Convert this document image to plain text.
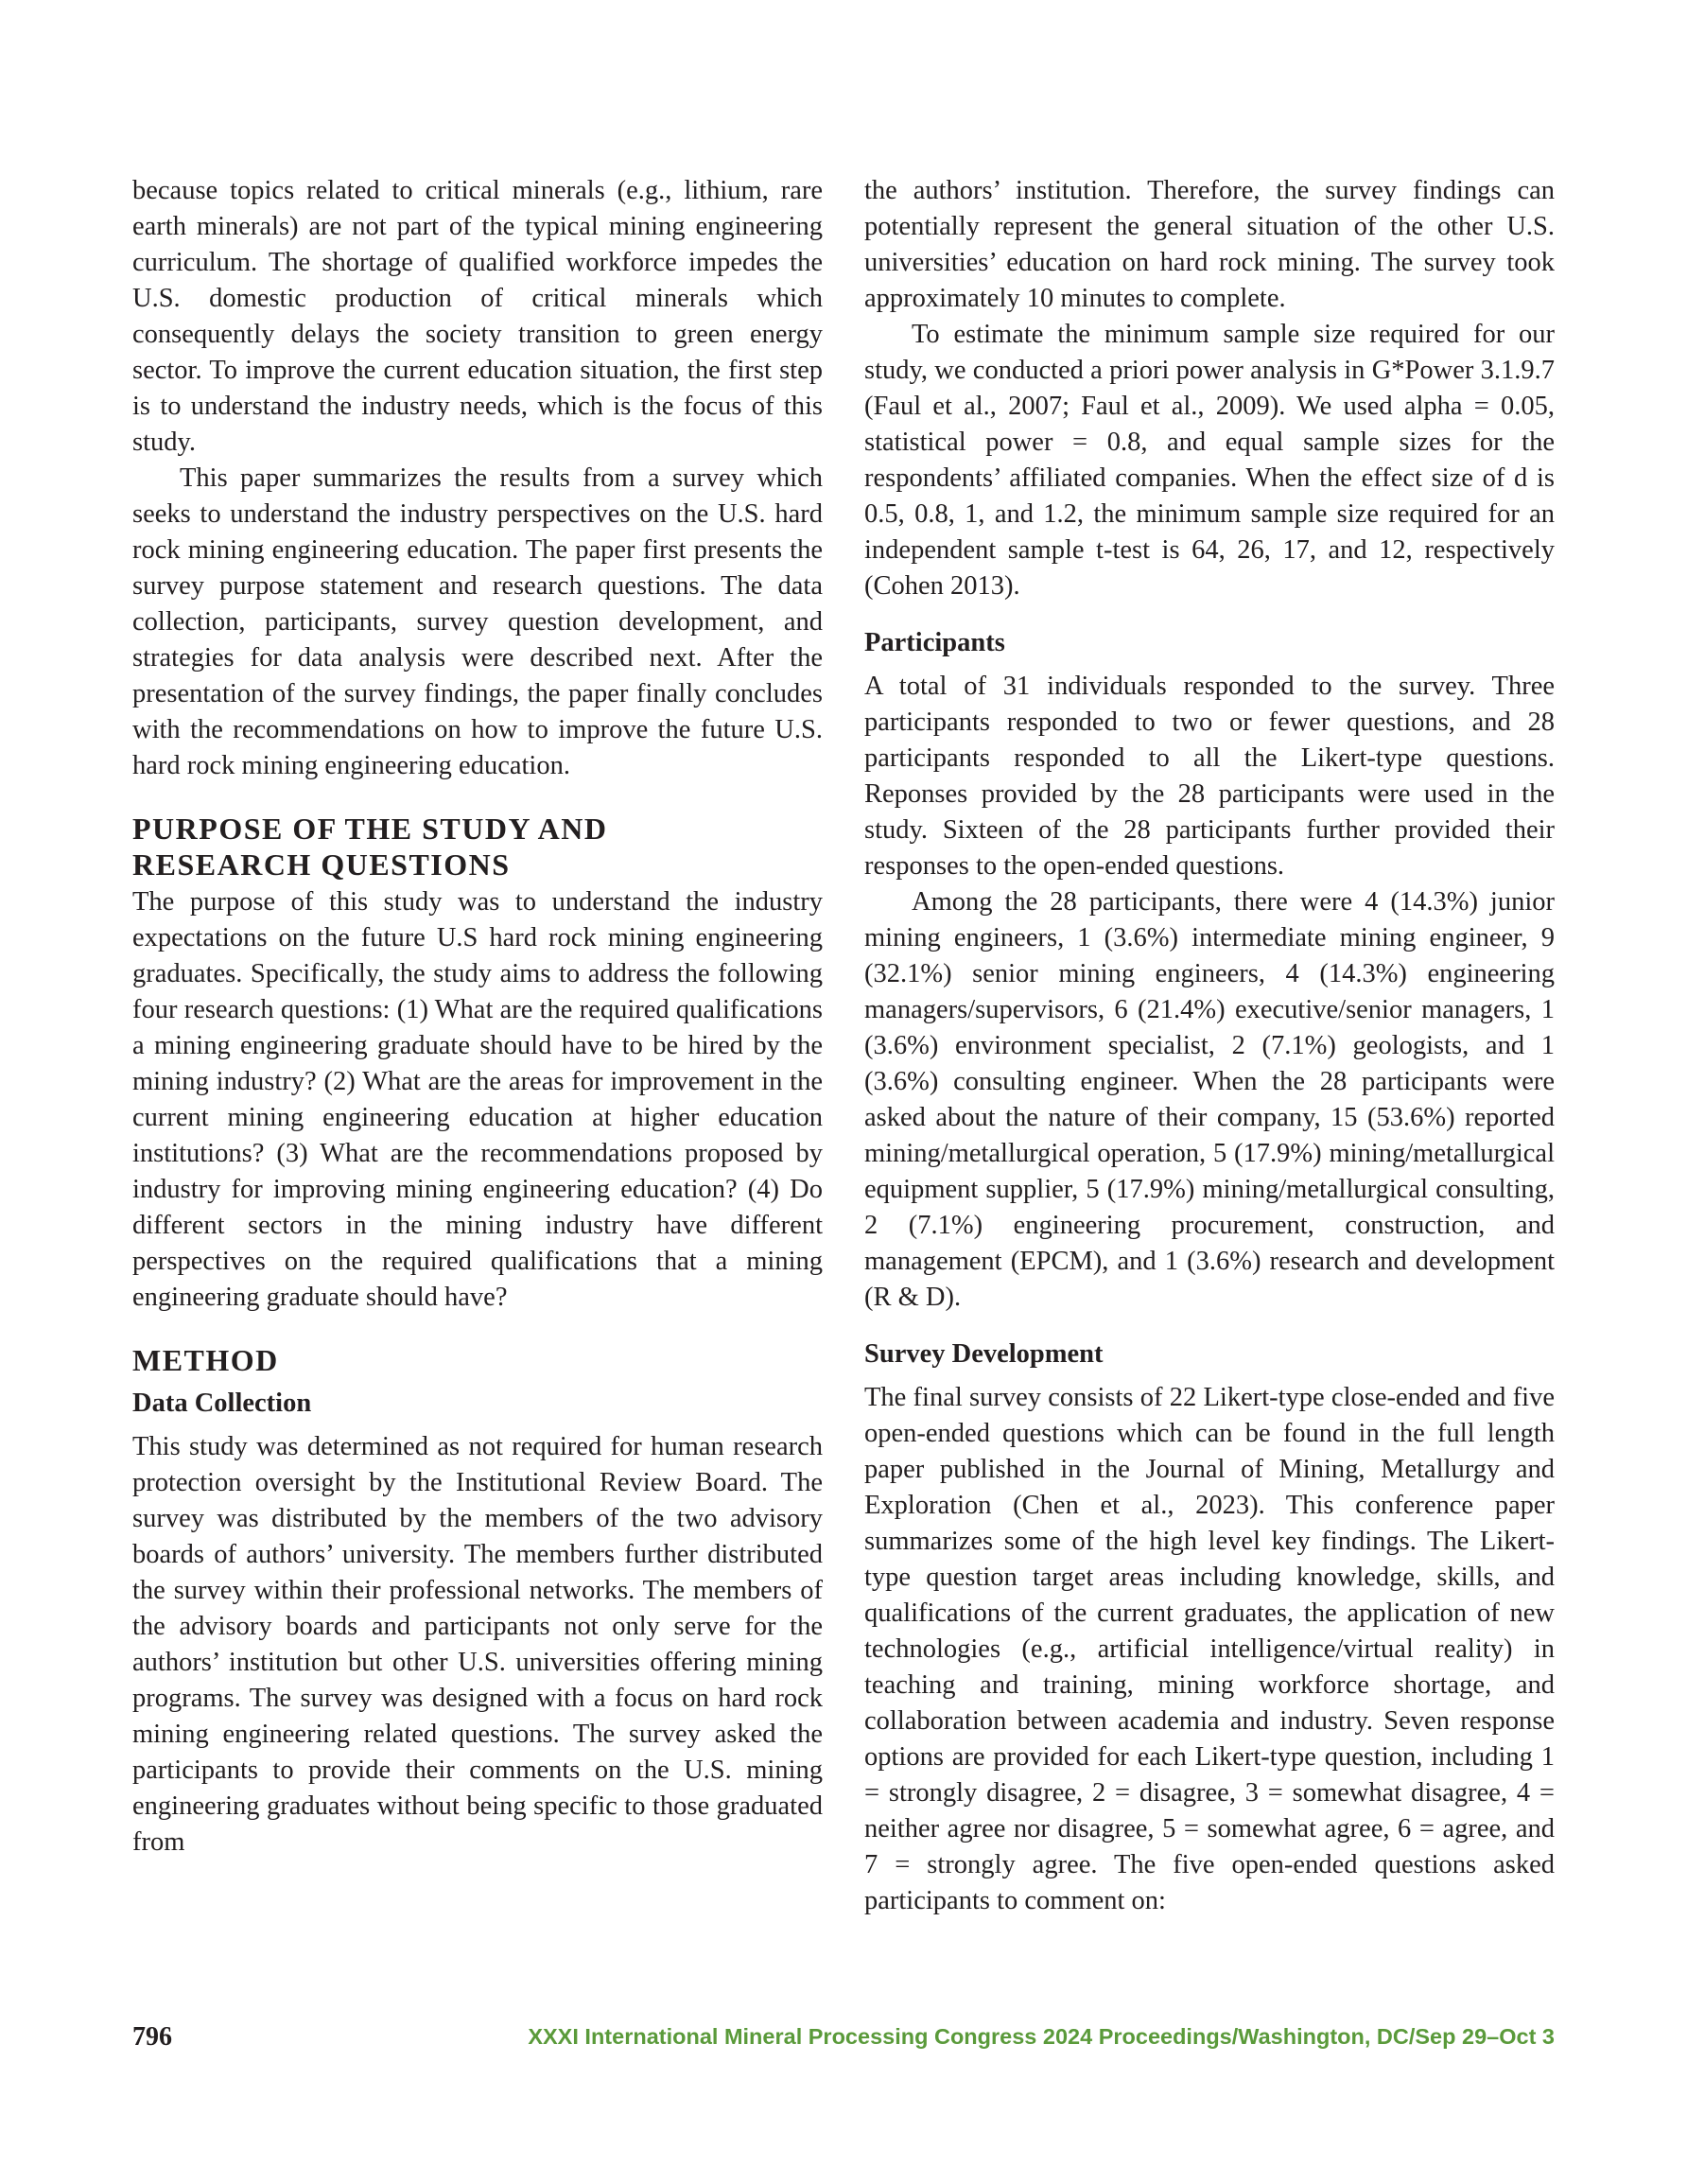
because topics related to critical minerals (e.g., lithium, rare earth minerals) are not part of the typical mining engineering curriculum. The shortage of qualified workforce impedes the U.S. domestic production of critical minerals which consequently delays the society transition to green energy sector. To improve the current education situation, the first step is to understand the industry needs, which is the focus of this study.

This paper summarizes the results from a survey which seeks to understand the industry perspectives on the U.S. hard rock mining engineering education. The paper first presents the survey purpose statement and research questions. The data collection, participants, survey question development, and strategies for data analysis were described next. After the presentation of the survey findings, the paper finally concludes with the recommendations on how to improve the future U.S. hard rock mining engineering education.

PURPOSE OF THE STUDY AND
RESEARCH QUESTIONS

The purpose of this study was to understand the industry expectations on the future U.S hard rock mining engineering graduates. Specifically, the study aims to address the following four research questions: (1) What are the required qualifications a mining engineering graduate should have to be hired by the mining industry? (2) What are the areas for improvement in the current mining engineering education at higher education institutions? (3) What are the recommendations proposed by industry for improving mining engineering education? (4) Do different sectors in the mining industry have different perspectives on the required qualifications that a mining engineering graduate should have?

METHOD
Data Collection

This study was determined as not required for human research protection oversight by the Institutional Review Board. The survey was distributed by the members of the two advisory boards of authors’ university. The members further distributed the survey within their professional networks. The members of the advisory boards and participants not only serve for the authors’ institution but other U.S. universities offering mining programs. The survey was designed with a focus on hard rock mining engineering related questions. The survey asked the participants to provide their comments on the U.S. mining engineering graduates without being specific to those graduated from

the authors’ institution. Therefore, the survey findings can potentially represent the general situation of the other U.S. universities’ education on hard rock mining. The survey took approximately 10 minutes to complete.

To estimate the minimum sample size required for our study, we conducted a priori power analysis in G*Power 3.1.9.7 (Faul et al., 2007; Faul et al., 2009). We used alpha = 0.05, statistical power = 0.8, and equal sample sizes for the respondents’ affiliated companies. When the effect size of d is 0.5, 0.8, 1, and 1.2, the minimum sample size required for an independent sample t-test is 64, 26, 17, and 12, respectively (Cohen 2013).

Participants

A total of 31 individuals responded to the survey. Three participants responded to two or fewer questions, and 28 participants responded to all the Likert-type questions. Reponses provided by the 28 participants were used in the study. Sixteen of the 28 participants further provided their responses to the open-ended questions.

Among the 28 participants, there were 4 (14.3%) junior mining engineers, 1 (3.6%) intermediate mining engineer, 9 (32.1%) senior mining engineers, 4 (14.3%) engineering managers/supervisors, 6 (21.4%) executive/senior managers, 1 (3.6%) environment specialist, 2 (7.1%) geologists, and 1 (3.6%) consulting engineer. When the 28 participants were asked about the nature of their company, 15 (53.6%) reported mining/metallurgical operation, 5 (17.9%) mining/metallurgical equipment supplier, 5 (17.9%) mining/metallurgical consulting, 2 (7.1%) engineering procurement, construction, and management (EPCM), and 1 (3.6%) research and development (R & D).

Survey Development

The final survey consists of 22 Likert-type close-ended and five open-ended questions which can be found in the full length paper published in the Journal of Mining, Metallurgy and Exploration (Chen et al., 2023). This conference paper summarizes some of the high level key findings. The Likert-type question target areas including knowledge, skills, and qualifications of the current graduates, the application of new technologies (e.g., artificial intelligence/virtual reality) in teaching and training, mining workforce shortage, and collaboration between academia and industry. Seven response options are provided for each Likert-type question, including 1 = strongly disagree, 2 = disagree, 3 = somewhat disagree, 4 = neither agree nor disagree, 5 = somewhat agree, 6 = agree, and 7 = strongly agree. The five open-ended questions asked participants to comment on:

796	XXXI International Mineral Processing Congress 2024 Proceedings/Washington, DC/Sep 29–Oct 3
